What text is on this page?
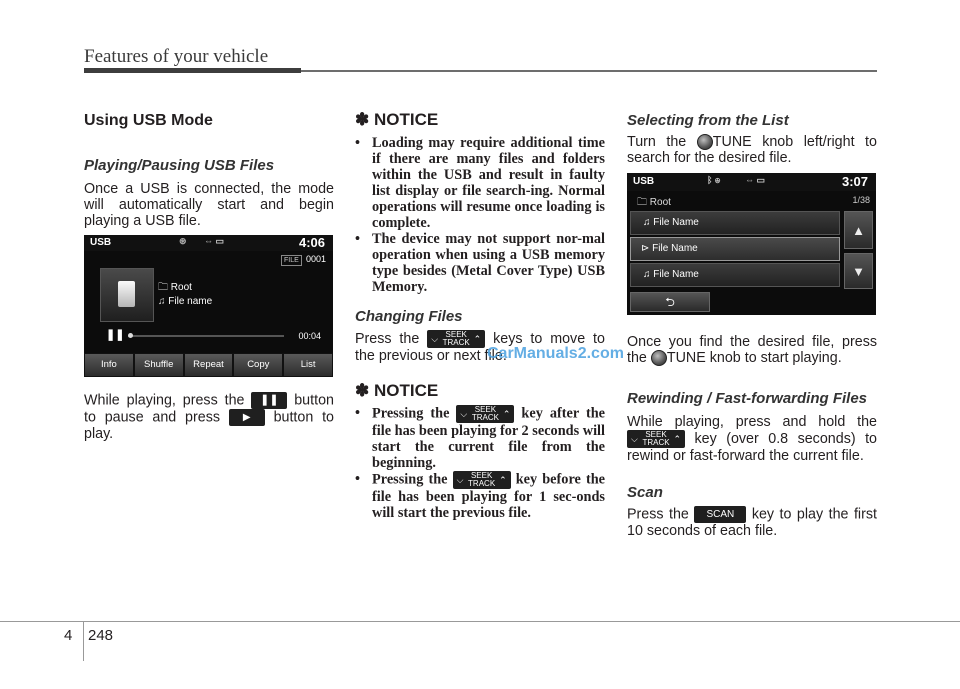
Features of your vehicle

Using USB Mode

Playing/Pausing USB Files

Once a USB is connected, the mode will automatically start and begin playing a USB file.

USB	⊛ ⇔ ▭	4:06
FILE 0001
🗀 Root
♫ File name
❚❚	00:04
Info	Shuffle	Repeat	Copy	List

While playing, press the ❚❚ button to pause and press ▶ button to play.

✽ NOTICE
• Loading may require additional time if there are many files and folders within the USB and result in faulty list display or file search-ing. Normal operations will resume once loading is complete.
• The device may not support nor-mal operation when using a USB memory type besides (Metal Cover Type) USB Memory.

Changing Files

Press the ⌵ SEEK
TRACK ⌃ keys to move to the previous or next file.

✽ NOTICE
• Pressing the ⌵ SEEK
TRACK ⌃ key after the file has been playing for 2 seconds will start the current file from the beginning.
• Pressing the ⌵ SEEK
TRACK ⌃ key before the file has been playing for 1 sec-onds will start the previous file.

Selecting from the List

Turn the TUNE knob left/right to search for the desired file.

USB	ᛒ ⊛	⇔ ▭	3:07
🗀 Root	1/38
♫ File Name
⊳ File Name
♫ File Name
▲
▼
⮌

Once you find the desired file, press the TUNE knob to start playing.

Rewinding / Fast-forwarding Files

While playing, press and hold the
⌵ SEEK
TRACK ⌃ key (over 0.8 seconds) to rewind or fast-forward the current file.

Scan

Press the SCAN key to play the first 10 seconds of each file.

CarManuals2.com
4 248
